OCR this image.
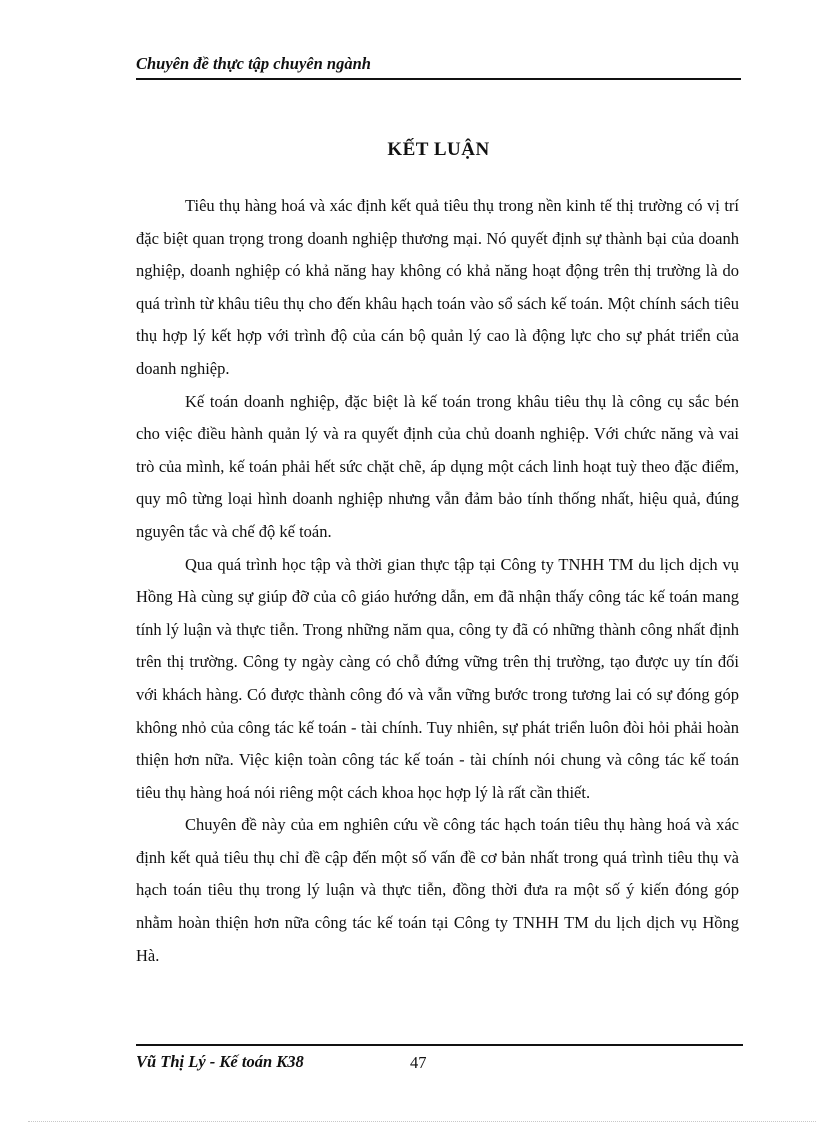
Chuyên đề thực tập chuyên ngành
KẾT LUẬN

Tiêu thụ hàng hoá và xác định kết quả tiêu thụ trong nền kinh tế thị trường có vị trí đặc biệt quan trọng trong doanh nghiệp thương mại. Nó quyết định sự thành bại của doanh nghiệp, doanh nghiệp có khả năng hay không có khả năng hoạt động trên thị trường là do quá trình từ khâu tiêu thụ cho đến khâu hạch toán vào sổ sách kế toán. Một chính sách tiêu thụ hợp lý kết hợp với trình độ của cán bộ quản lý cao là động lực cho sự phát triển của doanh nghiệp.

Kế toán doanh nghiệp, đặc biệt là kế toán trong khâu tiêu thụ là công cụ sắc bén cho việc điều hành quản lý và ra quyết định của chủ doanh nghiệp. Với chức năng và vai trò của mình, kế toán phải hết sức chặt chẽ, áp dụng một cách linh hoạt tuỳ theo đặc điểm, quy mô từng loại hình doanh nghiệp nhưng vẫn đảm bảo tính thống nhất, hiệu quả, đúng nguyên tắc và chế độ kế toán.

Qua quá trình học tập và thời gian thực tập tại Công ty TNHH TM du lịch dịch vụ Hồng Hà cùng sự giúp đỡ của cô giáo hướng dẫn, em đã nhận thấy công tác kế toán mang tính lý luận và thực tiễn. Trong những năm qua, công ty đã có những thành công nhất định trên thị trường. Công ty ngày càng có chỗ đứng vững trên thị trường, tạo được uy tín đối với khách hàng. Có được thành công đó và vẫn vững bước trong tương lai có sự đóng góp không nhỏ của công tác kế toán - tài chính. Tuy nhiên, sự phát triển luôn đòi hỏi phải hoàn thiện hơn nữa. Việc kiện toàn công tác kế toán - tài chính nói chung và công tác kế toán tiêu thụ hàng hoá nói riêng một cách khoa học hợp lý là rất cần thiết.

Chuyên đề này của em nghiên cứu về công tác hạch toán tiêu thụ hàng hoá và xác định kết quả tiêu thụ chỉ đề cập đến một số vấn đề cơ bản nhất trong quá trình tiêu thụ và hạch toán tiêu thụ trong lý luận và thực tiễn, đồng thời đưa ra một số ý kiến đóng góp nhằm hoàn thiện hơn nữa công tác kế toán tại Công ty TNHH TM du lịch dịch vụ Hồng Hà.

Vũ Thị Lý - Kế toán K38	47
